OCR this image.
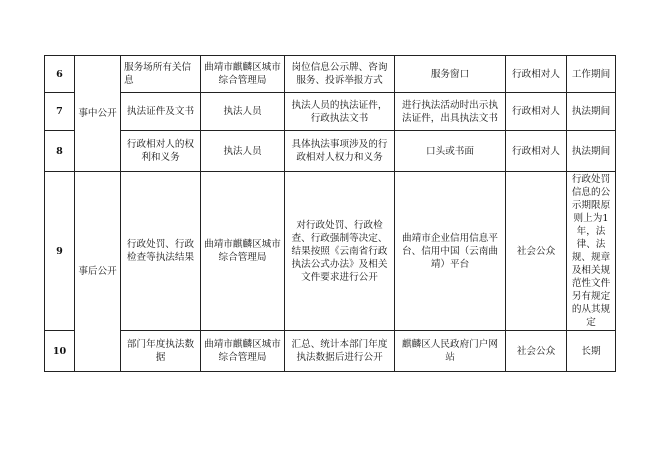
6	事中公开	服务场所有关信息	曲靖市麒麟区城市综合管理局	岗位信息公示牌、咨询服务、投诉举报方式	服务窗口	行政相对人	工作期间
7		执法证件及文书	执法人员	执法人员的执法证件，行政执法文书	进行执法活动时出示执法证件，出具执法文书	行政相对人	执法期间
8		行政相对人的权利和义务	执法人员	具体执法事项涉及的行政相对人权力和义务	口头或书面	行政相对人	执法期间
9	事后公开	行政处罚、行政检查等执法结果	曲靖市麒麟区城市综合管理局	对行政处罚、行政检查、行政强制等决定、结果按照《云南省行政执法公式办法》及相关文件要求进行公开	曲靖市企业信用信息平台、信用中国（云南曲靖）平台	社会公众	行政处罚信息的公示期限原则上为1年，法律、法规、规章及相关规范性文件另有规定的从其规定
10		部门年度执法数据	曲靖市麒麟区城市综合管理局	汇总、统计本部门年度执法数据后进行公开	麒麟区人民政府门户网站	社会公众	长期
